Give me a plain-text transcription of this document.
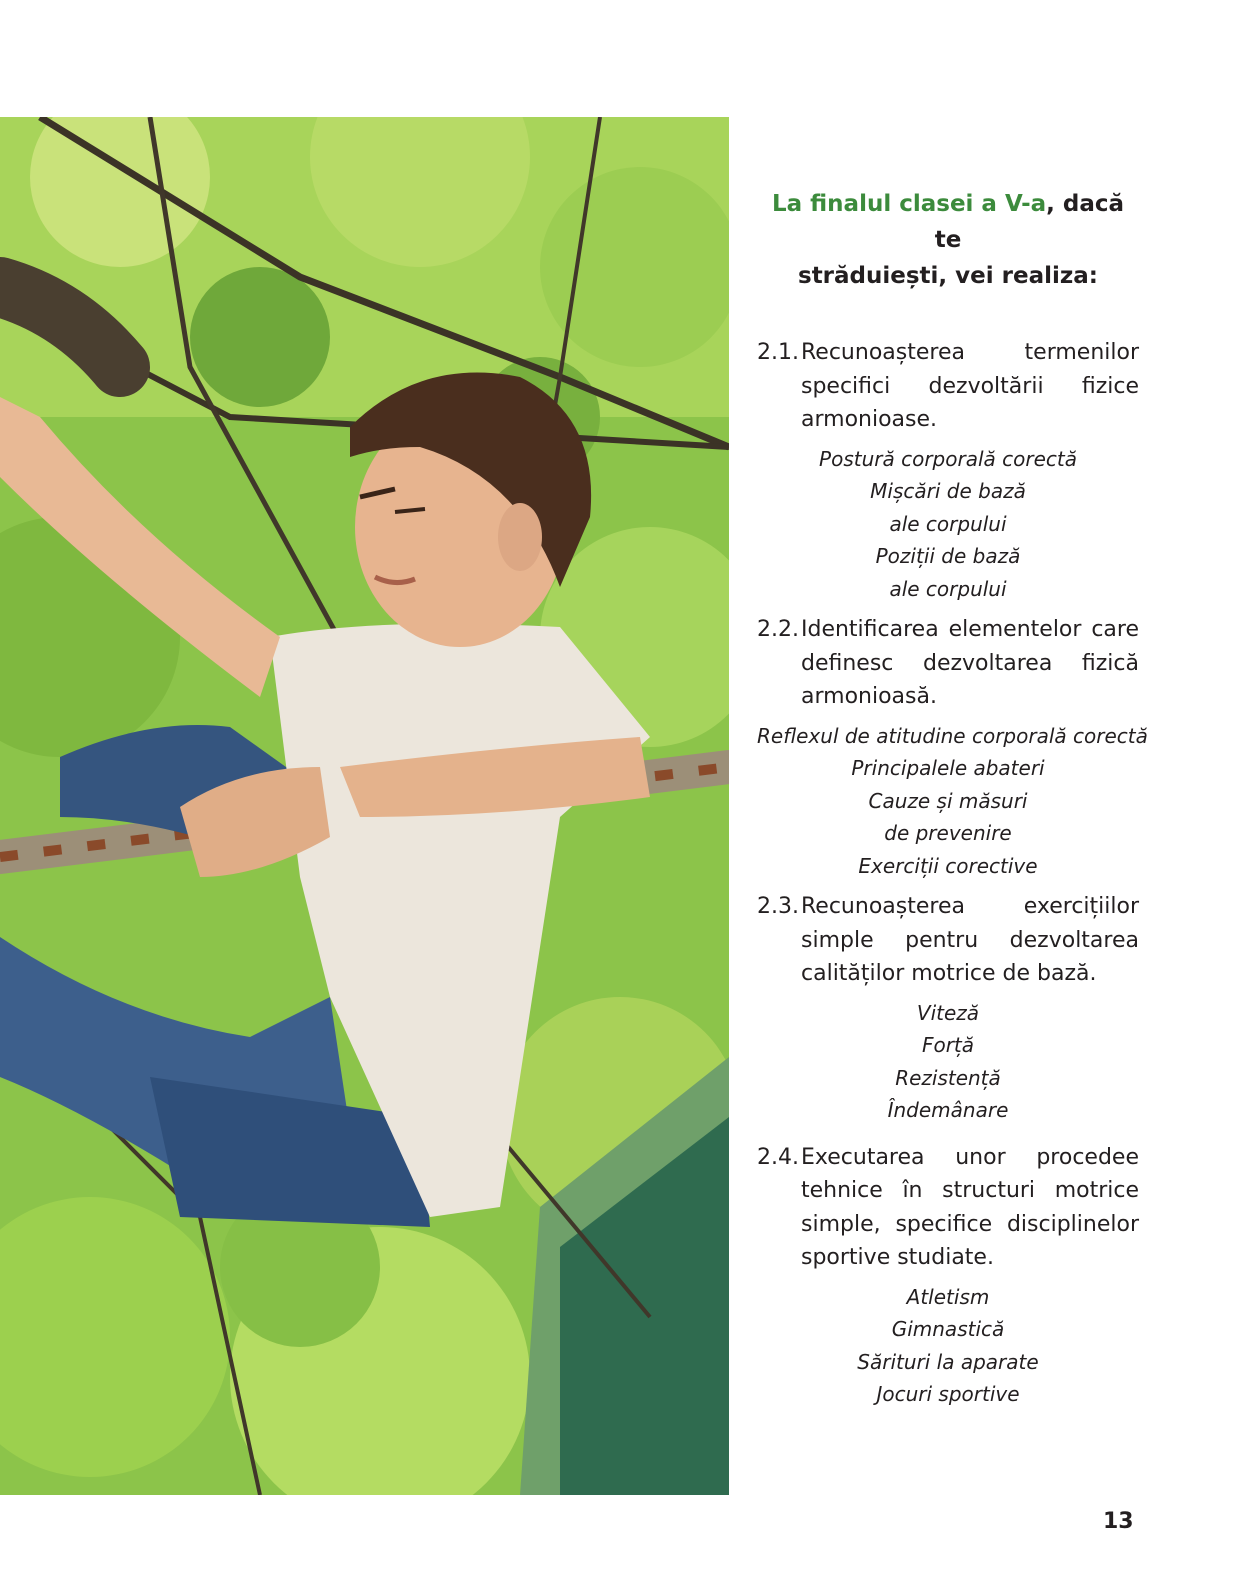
La finalul clasei a V-a, dacă te
străduiești, vei realiza:
2.1. Recunoașterea termenilor specifici dezvoltării fizice armonioase.
Postură corporală corectă
Mișcări de bază
ale corpului
Poziții de bază
ale corpului
2.2. Identificarea elementelor care definesc dezvoltarea fizică armonioasă.
Reflexul de atitudine corporală corectă
Principalele abateri
Cauze și măsuri
de prevenire
Exerciții corective
2.3. Recunoașterea exercițiilor simple pentru dezvoltarea calităților motrice de bază.
Viteză
Forță
Rezistență
Îndemânare
2.4. Executarea unor procedee tehnice în structuri motrice simple, specifice disciplinelor sportive studiate.
Atletism
Gimnastică
Sărituri la aparate
Jocuri sportive
13
